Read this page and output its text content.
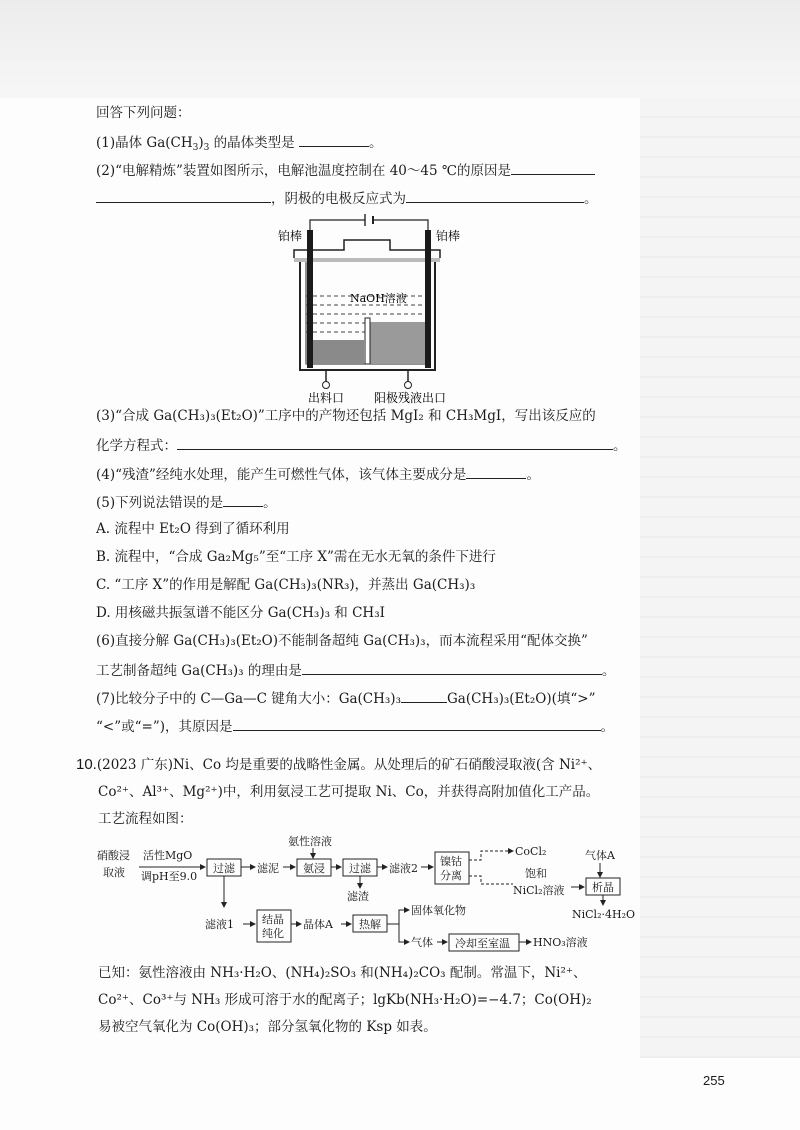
回答下列问题：
(1)晶体 $Ga(CH_3)_3$ 的晶体类型是	。
(2)“电解精炼”装置如图所示，电解池温度控制在 40～45 ℃的原因是
，阴极的电极反应式为	。
铂棒	铂棒
NaOH溶液
出料口 阳极残液出口
(3)“合成 Ga(CH₃)₃(Et₂O)”工序中的产物还包括 MgI₂ 和 CH₃MgI，写出该反应的
化学方程式：	。
(4)“残渣”经纯水处理，能产生可燃性气体，该气体主要成分是	。
(5)下列说法错误的是	。
A. 流程中 Et₂O 得到了循环利用
B. 流程中，“合成 Ga₂Mg₅”至“工序 X”需在无水无氧的条件下进行
C. “工序 X”的作用是解配 Ga(CH₃)₃(NR₃)，并蒸出 Ga(CH₃)₃
D. 用核磁共振氢谱不能区分 Ga(CH₃)₃ 和 CH₃I
(6)直接分解 Ga(CH₃)₃(Et₂O)不能制备超纯 Ga(CH₃)₃，而本流程采用“配体交换”
工艺制备超纯 Ga(CH₃)₃ 的理由是	。
(7)比较分子中的 C—Ga—C 键角大小：Ga(CH₃)₃	Ga(CH₃)₃(Et₂O)(填“>”
“<”或“=”)，其原因是	。
10.(2023 广东)Ni、Co 均是重要的战略性金属。从处理后的矿石硝酸浸取液(含 Ni²⁺、
Co²⁺、Al³⁺、Mg²⁺)中，利用氨浸工艺可提取 Ni、Co，并获得高附加值化工产品。
工艺流程如图：
硝酸浸
取液
活性MgO
调pH至9.0
过滤 滤泥
氨性溶液
氨浸 过滤
滤渣
滤液2
镍钴
分离
CoCl₂
饱和
NiCl₂溶液
气体A
析晶
NiCl₂·4H₂O
滤液1	结晶
纯化
晶体A 热解
固体氧化物
气体 冷却至室温 HNO₃溶液
已知：氨性溶液由 NH₃·H₂O、(NH₄)₂SO₃ 和(NH₄)₂CO₃ 配制。常温下，Ni²⁺、
Co²⁺、Co³⁺与 NH₃ 形成可溶于水的配离子；lgKb(NH₃·H₂O)=−4.7；Co(OH)₂
易被空气氧化为 Co(OH)₃；部分氢氧化物的 Ksp 如表。
255
